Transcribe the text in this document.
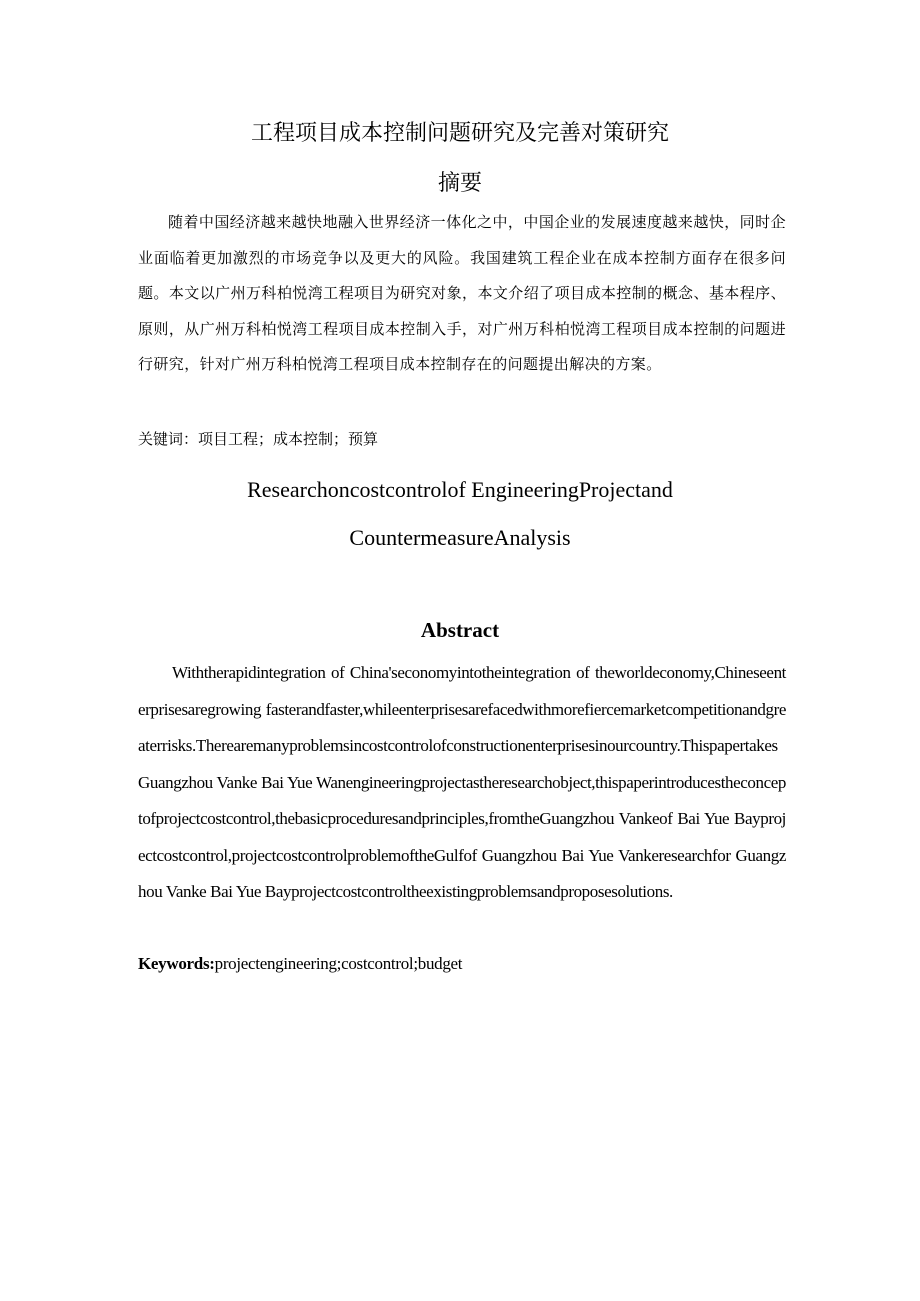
工程项目成本控制问题研究及完善对策研究
摘要
随着中国经济越来越快地融入世界经济一体化之中，中国企业的发展速度越来越快，同时企业面临着更加激烈的市场竞争以及更大的风险。我国建筑工程企业在成本控制方面存在很多问题。本文以广州万科柏悦湾工程项目为研究对象，本文介绍了项目成本控制的概念、基本程序、原则，从广州万科柏悦湾工程项目成本控制入手，对广州万科柏悦湾工程项目成本控制的问题进行研究，针对广州万科柏悦湾工程项目成本控制存在的问题提出解决的方案。
关键词：项目工程；成本控制；预算
Researchoncostcontrolof EngineeringProjectand
CountermeasureAnalysis
Abstract
Withtherapidintegration of China'seconomyintotheintegration of theworldeconomy,Chineseenterprisesaregrowing fasterandfaster,whileenterprisesarefacedwithmorefiercemarketcompetitionandgreaterrisks.Therearemanyproblemsincostcontrolofconstructionenterprisesinourcountry.ThispapertakesGuangzhou Vanke Bai Yue Wanengineeringprojectastheresearchobject,thispaperintroducestheconceptofprojectcostcontrol,thebasicproceduresandprinciples,fromtheGuangzhou Vankeof Bai Yue Bayprojectcostcontrol,projectcostcontrolproblemoftheGulfof Guangzhou Bai Yue Vankeresearchfor Guangzhou Vanke Bai Yue Bayprojectcostcontroltheexistingproblemsandproposesolutions.
Keywords:projectengineering;costcontrol;budget
